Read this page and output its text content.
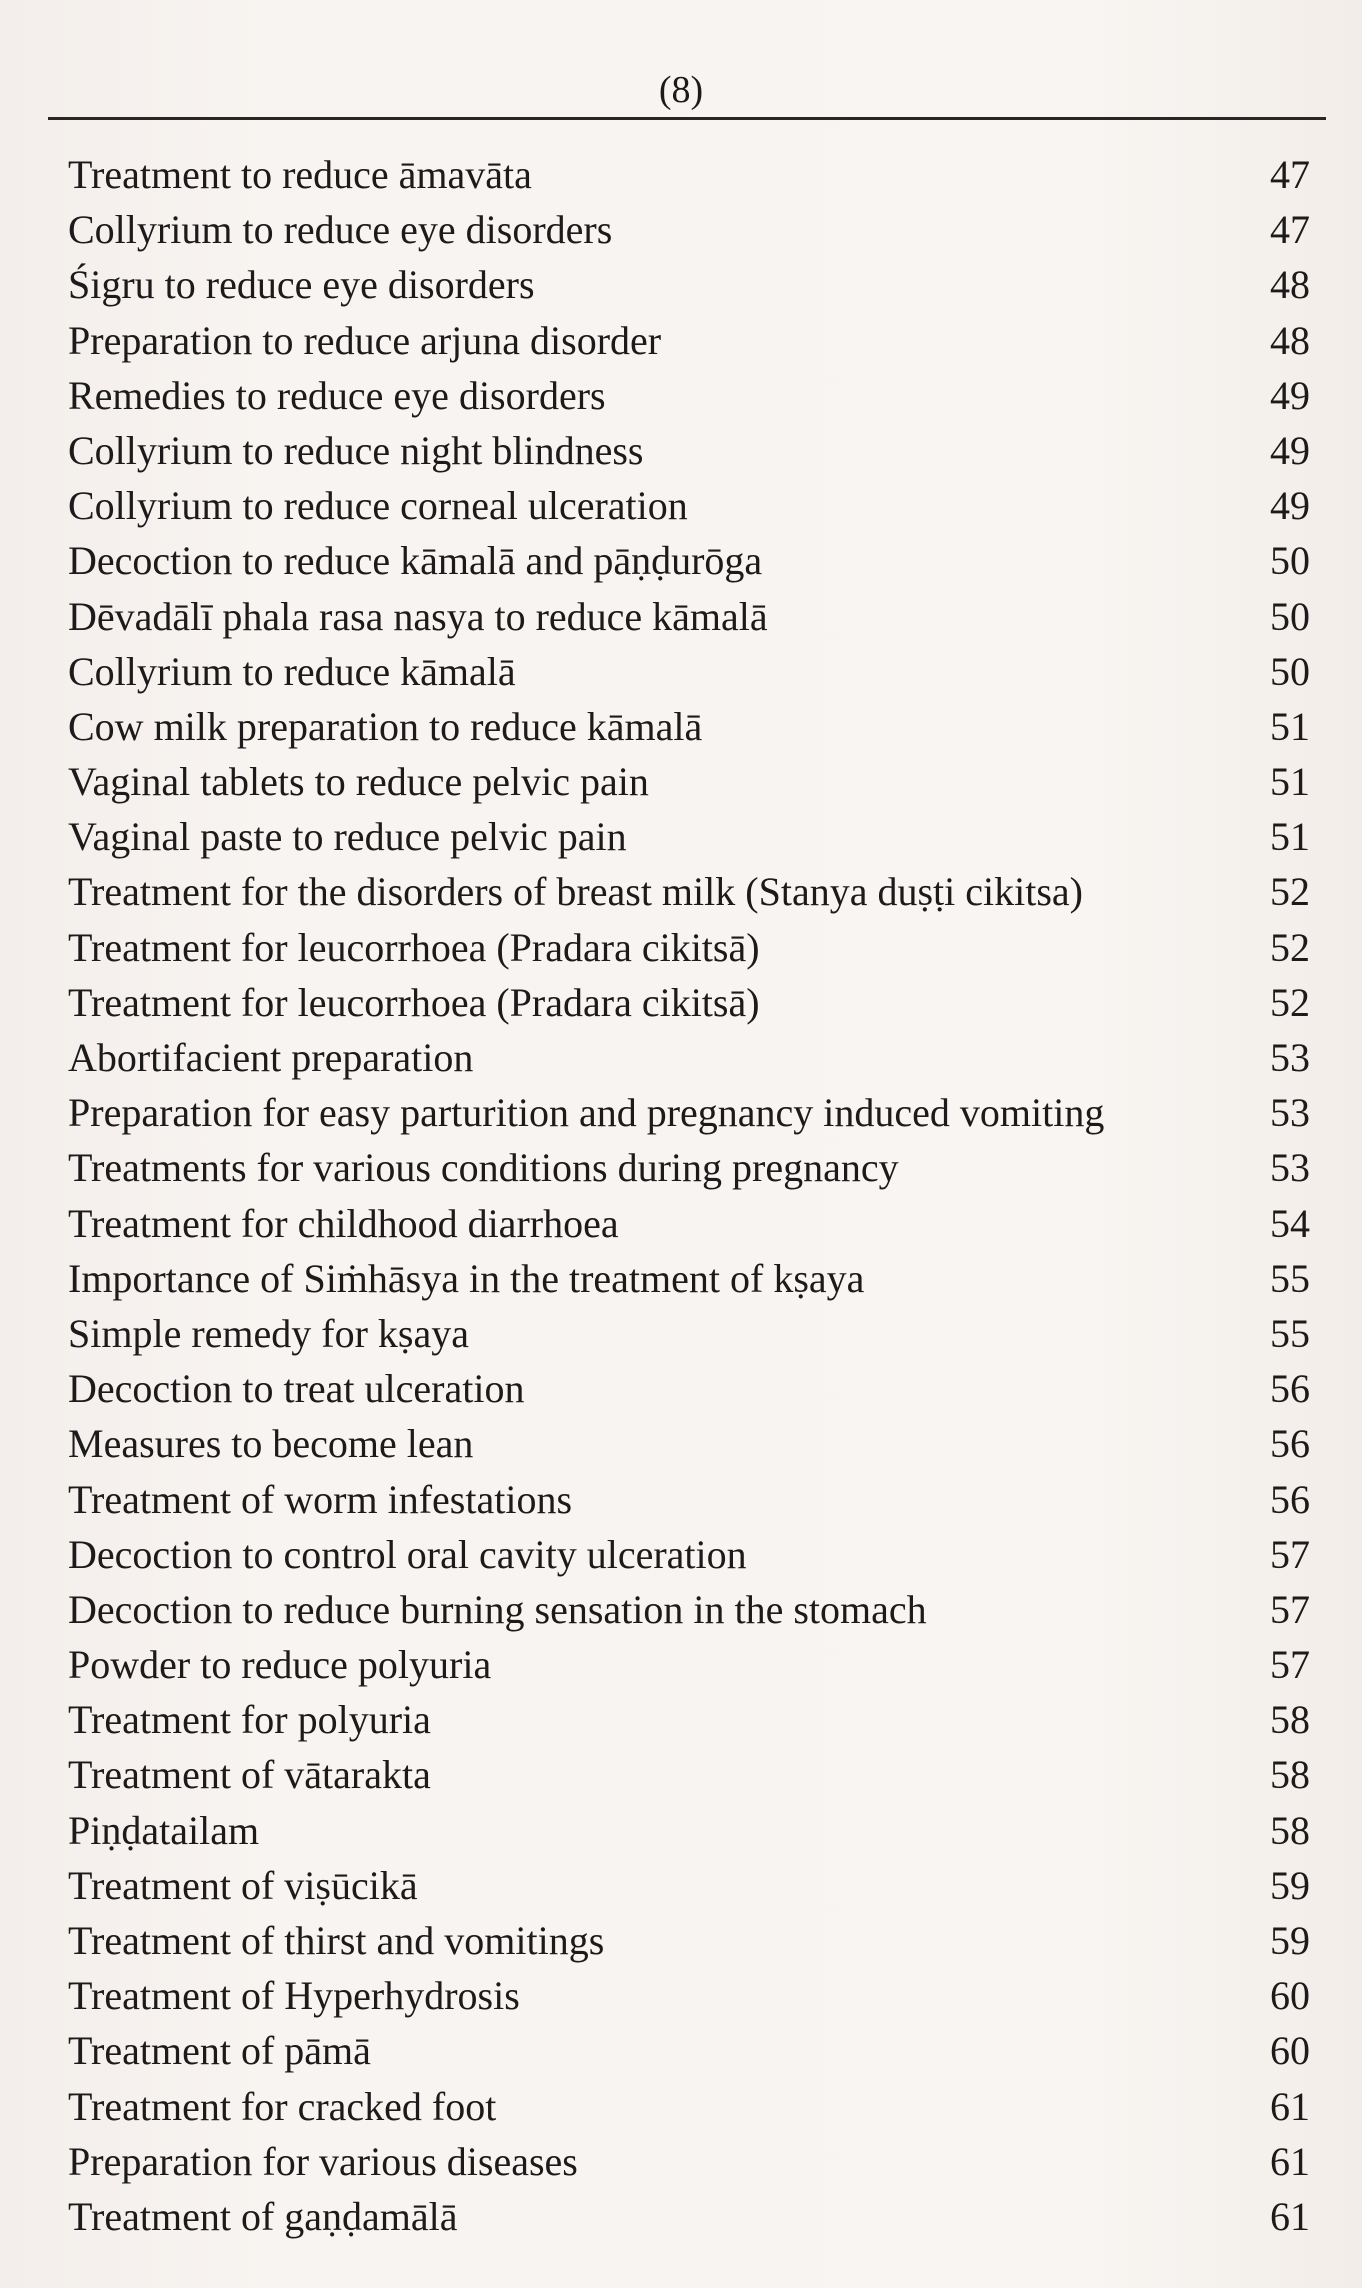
(8)
Treatment to reduce āmavāta	47
Collyrium to reduce eye disorders	47
Śigru to reduce eye disorders	48
Preparation to reduce arjuna disorder	48
Remedies to reduce eye disorders	49
Collyrium to reduce night blindness	49
Collyrium to reduce corneal ulceration	49
Decoction to reduce kāmalā and pāṇḍurōga	50
Dēvadālī phala rasa nasya to reduce kāmalā	50
Collyrium to reduce kāmalā	50
Cow milk preparation to reduce kāmalā	51
Vaginal tablets to reduce pelvic pain	51
Vaginal paste to reduce pelvic pain	51
Treatment for the disorders of breast milk (Stanya duṣṭi cikitsa)	52
Treatment for leucorrhoea (Pradara cikitsā)	52
Treatment for leucorrhoea (Pradara cikitsā)	52
Abortifacient preparation	53
Preparation for easy parturition and pregnancy induced vomiting	53
Treatments for various conditions during pregnancy	53
Treatment for childhood diarrhoea	54
Importance of Siṁhāsya in the treatment of kṣaya	55
Simple remedy for kṣaya	55
Decoction to treat ulceration	56
Measures to become lean	56
Treatment of worm infestations	56
Decoction to control oral cavity ulceration	57
Decoction to reduce burning sensation in the stomach	57
Powder to reduce polyuria	57
Treatment for polyuria	58
Treatment of vātarakta	58
Piṇḍatailam	58
Treatment of viṣūcikā	59
Treatment of thirst and vomitings	59
Treatment of Hyperhydrosis	60
Treatment of pāmā	60
Treatment for cracked foot	61
Preparation for various diseases	61
Treatment of gaṇḍamālā	61
